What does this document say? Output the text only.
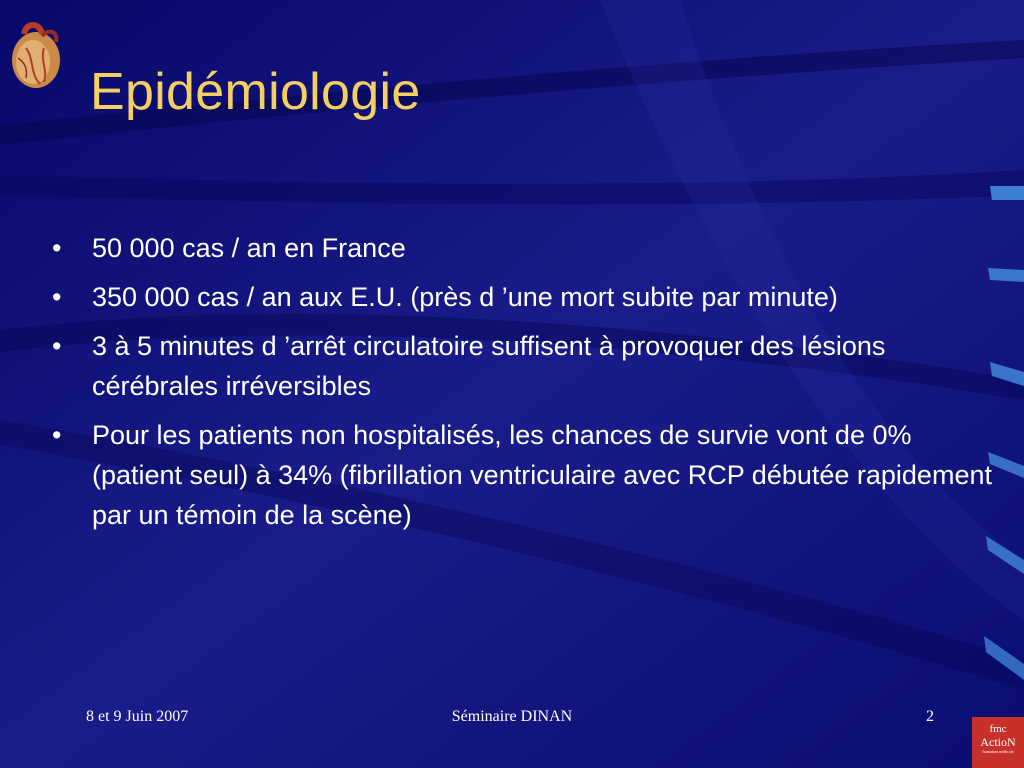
Epidémiologie
• 50 000 cas / an en France
• 350 000 cas / an aux E.U. (près d ’une mort subite par minute)
• 3 à 5 minutes d ’arrêt circulatoire suffisent à provoquer des lésions cérébrales irréversibles
• Pour les patients non hospitalisés, les chances de survie vont de 0% (patient seul) à 34% (fibrillation ventriculaire avec RCP débutée rapidement par un témoin de la scène)
8 et 9 Juin 2007	Séminaire DINAN	2
fmc
ActioN
formation médicale
